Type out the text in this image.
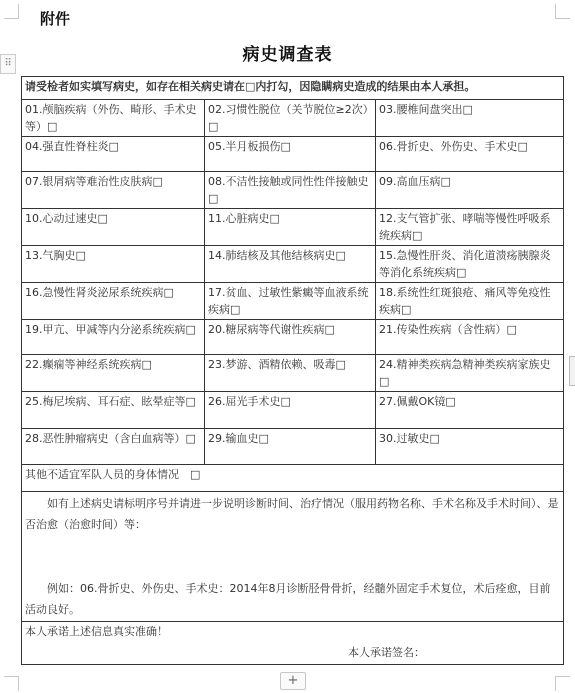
附件
⠿	病史调查表
请受检者如实填写病史，如存在相关病史请在□内打勾，因隐瞒病史造成的结果由本人承担。		
01.颅脑疾病（外伤、畸形、手术史等）□	02.习惯性脱位（关节脱位≥2次）□	03.腰椎间盘突出□
04.强直性脊柱炎□	05.半月板损伤□	06.骨折史、外伤史、手术史□
07.银屑病等难治性皮肤病□	08.不洁性接触或同性性伴接触史□	09.高血压病□
10.心动过速史□	11.心脏病史□	12.支气管扩张、哮喘等慢性呼吸系统疾病□
13.气胸史□	14.肺结核及其他结核病史□	15.急慢性肝炎、消化道溃疡胰腺炎等消化系统疾病□
16.急慢性肾炎泌尿系统疾病□	17.贫血、过敏性紫癜等血液系统疾病□	18.系统性红斑狼疮、痛风等免疫性疾病□
19.甲亢、甲减等内分泌系统疾病□	20.糖尿病等代谢性疾病□	21.传染性疾病（含性病）□
22.癫痫等神经系统疾病□	23.梦游、酒精依赖、吸毒□	24.精神类疾病急精神类疾病家族史□
25.梅尼埃病、耳石症、眩晕症等□	26.屈光手术史□	27.佩戴OK镜□
28.恶性肿瘤病史（含白血病等）□	29.输血史□	30.过敏史□
其他不适宜军队人员的身体情况　□		

如有上述病史请标明序号并请进一步说明诊断时间、治疗情况（服用药物名称、手术名称及手术时间）、是否治愈（治愈时间）等：

例如：06.骨折史、外伤史、手术史：2014年8月诊断胫骨骨折，经髓外固定手术复位，术后痊愈，目前活动良好。		

本人承诺上述信息真实准确！
本人承诺签名：		
+
